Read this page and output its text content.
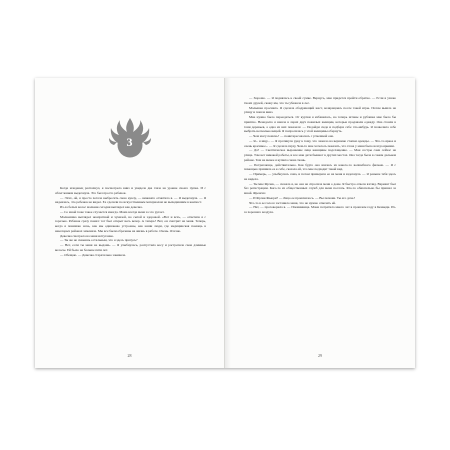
3

Когда младенец распахнул, я посмотрела вниз и увидела два глаза на уровне своего пупка. И с облегчением выдохнула. Это был просто ребенок.

— Эххх, ой, я просто хотела выбросить свою куклу, — виновато отметила я. — Я выдохнула. — Я надеялась, что ребенок не видел. Ее сделали по искусственным материалам не выходившим в компост.

Из-за белых волос мальчик сегодня выглядел как девочка.

— Со мной тоже такое случается иногда. Мама всегда меня за это ругает.

Мальчишка выглядел неопрятной и чумазой, но сытой и здоровой. «Вот и всё», — ответила я с горечью. Ребенок сразу понял: тот был открыт весь вечер. А теперь? Вот, он смотрит на меня. Теперь, когда я понимаю ночь, как мы одинаково устроены, как наши люди, где медицинская помощь в некоторых районах заменяла. Мы все были обречены на жизнь в работе. Очень. Отечно.

Девочка смотрела на меня испуганно.

— Ты же не скажешь остальным, что я здесь прячусь?

— Нет, если ты меня не выдашь. — Я улыбнулась, распустила косу и растрепала свои длинные волосы. Ей было не больше пяти лет.

— Обещаю. — Девочка старательно закивала.

28

— Хорошо. — Я поднялась к своей сумке. Вернусь, мне придется пройти обратно. — Если я узнаю твоих друзей, скажу им, что ты убежала в лес.

Малышка просияла. Я сделала ободряющий жест, возвращаясь после такой игры. Потом вышла на улицу и пошла вниз.

Мне нужно было переодеться. От куртки я избавилась, но теперь штаны и рубашка мне было бы приятно. Ненадолго я нашла в ларях двух пожилых женщин, которые продавали одежду. Она стояли в тени деревьев, а одна из них показала: — Подойди сюда и подбери себе что-нибудь. Я позволила себе выбрать несколько вещей. Я попросилась у этой женщины обернуть.

— Чем могу помочь? — поинтересовалась с усмешкой она.

— Я... я ищу... — Я протянула руку к тому, что лежало на вершине стопки одежды. — Что-то яркое и очень красивое... — Я сделала паузу, Чем-то мне хотелось показать, что глаза у меня было всегда яркими.

— Да? — Скептическое выражение лица женщины подслащение. — Мои сестры сама сейчас на улице. Там нет никакой работы, и все мои дети бывают в других местах. Она тогда была в самом дальнем районе. Тем не менее я купила снова ткань.

— Потрясающе, действительно. Как будто она взялась из какого-то волшебного фильма. — Я с помощью пришила ее к себе, сказала ей, что мне подходит такой вид.

— Примерь, — улыбнулась сама, и потом примеряла ее на меня и вздохнула. — Я раньше тебя здесь не видела.

— Ты мне Фрэнк, — сказала я, но она не спросила меня о доме. Я быстро отвела взгляд. Вариант был без регистрации. Кого-то из общественных служб для меня послать. Кто-то обязательно бы пришел за мной. Френсис.

— И Фрэнк Фьюри? — Лицо ее прояснилось. — Вы похожи. Ты его дочь?

Что-то в ее голосе заставило меня, что не нужно отвечать ей.

— Нет, — проговорила я. — Племянница. Мама потратила много лет в прошлом году в Кеннеди. Из-за хорошего воздуха.

29
